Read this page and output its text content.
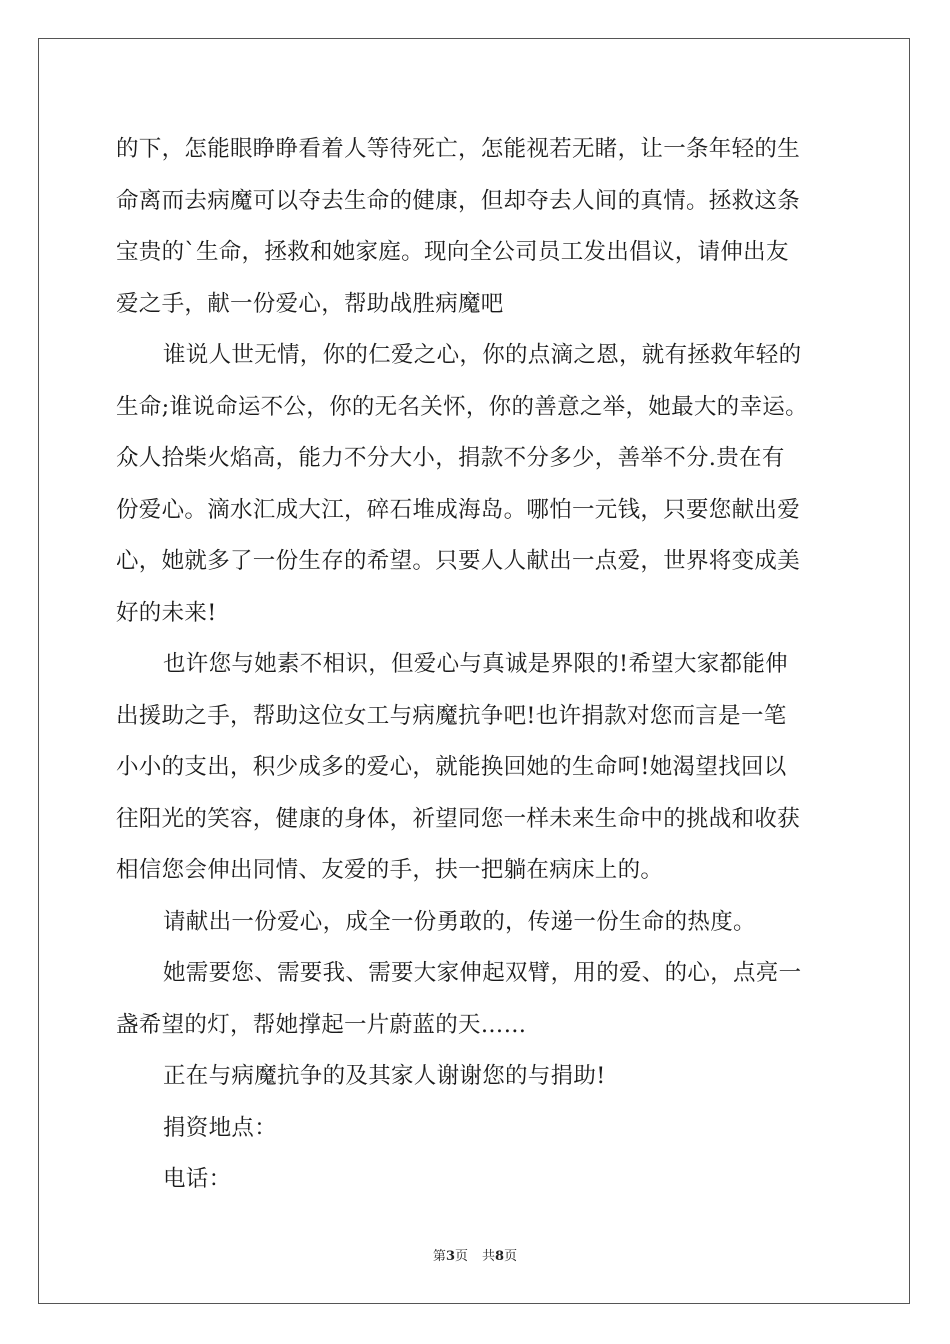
的下，怎能眼睁睁看着人等待死亡，怎能视若无睹，让一条年轻的生
命离而去病魔可以夺去生命的健康，但却夺去人间的真情。拯救这条
宝贵的`生命，拯救和她家庭。现向全公司员工发出倡议，请伸出友
爱之手，献一份爱心，帮助战胜病魔吧
谁说人世无情，你的仁爱之心，你的点滴之恩，就有拯救年轻的
生命;谁说命运不公，你的无名关怀，你的善意之举，她最大的幸运。
众人拾柴火焰高，能力不分大小，捐款不分多少，善举不分.贵在有
份爱心。滴水汇成大江，碎石堆成海岛。哪怕一元钱，只要您献出爱
心，她就多了一份生存的希望。只要人人献出一点爱，世界将变成美
好的未来!
也许您与她素不相识，但爱心与真诚是界限的!希望大家都能伸
出援助之手，帮助这位女工与病魔抗争吧!也许捐款对您而言是一笔
小小的支出，积少成多的爱心，就能换回她的生命呵!她渴望找回以
往阳光的笑容，健康的身体，祈望同您一样未来生命中的挑战和收获
相信您会伸出同情、友爱的手，扶一把躺在病床上的。
请献出一份爱心，成全一份勇敢的，传递一份生命的热度。
她需要您、需要我、需要大家伸起双臂，用的爱、的心，点亮一
盏希望的灯，帮她撑起一片蔚蓝的天……
正在与病魔抗争的及其家人谢谢您的与捐助!
捐资地点：
电话：
第3页 共8页
